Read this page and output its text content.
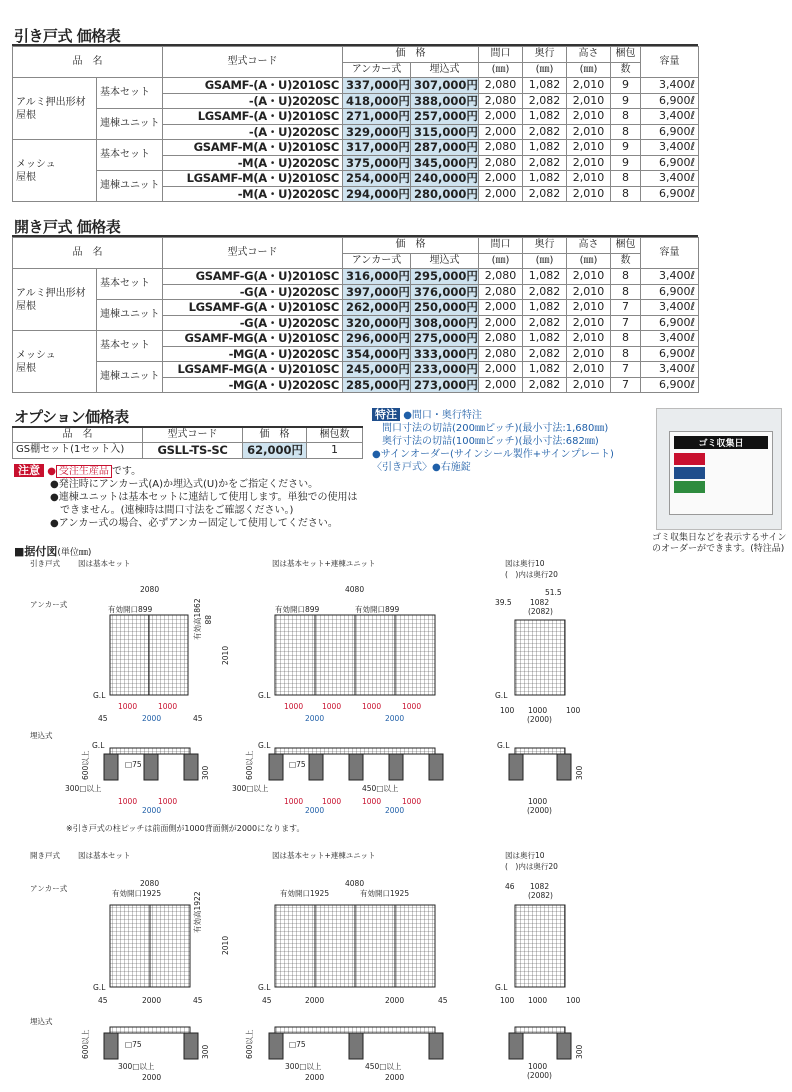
引き戸式 価格表
品　名		型式コード	価　格		間口	奥行	高さ	梱包	容量
			アンカー式	埋込式	(㎜)	(㎜)	(㎜)	数	
アルミ押出形材
屋根	基本セット	GSAMF-(A・U)2010SC	337,000円	307,000円	2,080	1,082	2,010	9	3,400ℓ
		-(A・U)2020SC	418,000円	388,000円	2,080	2,082	2,010	9	6,900ℓ
	連棟ユニット	LGSAMF-(A・U)2010SC	271,000円	257,000円	2,000	1,082	2,010	8	3,400ℓ
		-(A・U)2020SC	329,000円	315,000円	2,000	2,082	2,010	8	6,900ℓ
メッシュ
屋根	基本セット	GSAMF-M(A・U)2010SC	317,000円	287,000円	2,080	1,082	2,010	9	3,400ℓ
		-M(A・U)2020SC	375,000円	345,000円	2,080	2,082	2,010	9	6,900ℓ
	連棟ユニット	LGSAMF-M(A・U)2010SC	254,000円	240,000円	2,000	1,082	2,010	8	3,400ℓ
		-M(A・U)2020SC	294,000円	280,000円	2,000	2,082	2,010	8	6,900ℓ
開き戸式 価格表
品　名		型式コード	価　格		間口	奥行	高さ	梱包	容量
			アンカー式	埋込式	(㎜)	(㎜)	(㎜)	数	
アルミ押出形材
屋根	基本セット	GSAMF-G(A・U)2010SC	316,000円	295,000円	2,080	1,082	2,010	8	3,400ℓ
		-G(A・U)2020SC	397,000円	376,000円	2,080	2,082	2,010	8	6,900ℓ
	連棟ユニット	LGSAMF-G(A・U)2010SC	262,000円	250,000円	2,000	1,082	2,010	7	3,400ℓ
		-G(A・U)2020SC	320,000円	308,000円	2,000	2,082	2,010	7	6,900ℓ
メッシュ
屋根	基本セット	GSAMF-MG(A・U)2010SC	296,000円	275,000円	2,080	1,082	2,010	8	3,400ℓ
		-MG(A・U)2020SC	354,000円	333,000円	2,080	2,082	2,010	8	6,900ℓ
	連棟ユニット	LGSAMF-MG(A・U)2010SC	245,000円	233,000円	2,000	1,082	2,010	7	3,400ℓ
		-MG(A・U)2020SC	285,000円	273,000円	2,000	2,082	2,010	7	6,900ℓ
オプション価格表
品　名	型式コード	価　格	梱包数
GS棚セット(1セット入)	GSLL-TS-SC	62,000円	1
注意 ● 受注生産品 です。
●発注時にアンカー式(A)か埋込式(U)かをご指定ください。
●連棟ユニットは基本セットに連結して使用します。単独での使用は
　できません。(連棟時は間口寸法をご確認ください。)
●アンカー式の場合、必ずアンカー固定して使用してください。
特注 ●間口・奥行特注
　間口寸法の切詰(200㎜ピッチ)(最小寸法:1,680㎜)
　奥行寸法の切詰(100㎜ピッチ)(最小寸法:682㎜)
●サインオーダー(サインシール製作+サインプレート)
〈引き戸式〉●右施錠
ゴミ収集日
ゴミ収集日などを表示するサイン
のオーダーができます。(特注品)
■据付図(単位㎜)
引き戸式 図は基本セット	図は基本セット+連棟ユニット	図は奥行10
(　)内は奥行20
アンカー式
埋込式
2080
有効開口899
88
有効高1862
2010
G.L
1000	1000
45	2000	45
4080
有効開口899	有効開口899
G.L
1000	1000	1000	1000
2000	2000
51.5
39.5 1082
(2082)
G.L
100 1000	100
(2000)
G.L
□75
600以上	300
300□以上
1000	1000
2000
G.L
□75
600以上
300□以上	450□以上
1000	1000	1000	1000
2000	2000
G.L
300
1000
(2000)
※引き戸式の柱ピッチは前面側が1000背面側が2000になります。
開き戸式 図は基本セット	図は基本セット+連棟ユニット	図は奥行10
(　)内は奥行20
アンカー式
2080
有効開口1925	有効高1922
2010
G.L
45	2000	45
4080
有効開口1925	有効開口1925
G.L
45	2000	2000	45
46 1082
(2082)
G.L
100 1000	100
埋込式
□75
600以上	300
300□以上
2000
□75
600以上
300□以上	450□以上
2000	2000
300
1000
(2000)
